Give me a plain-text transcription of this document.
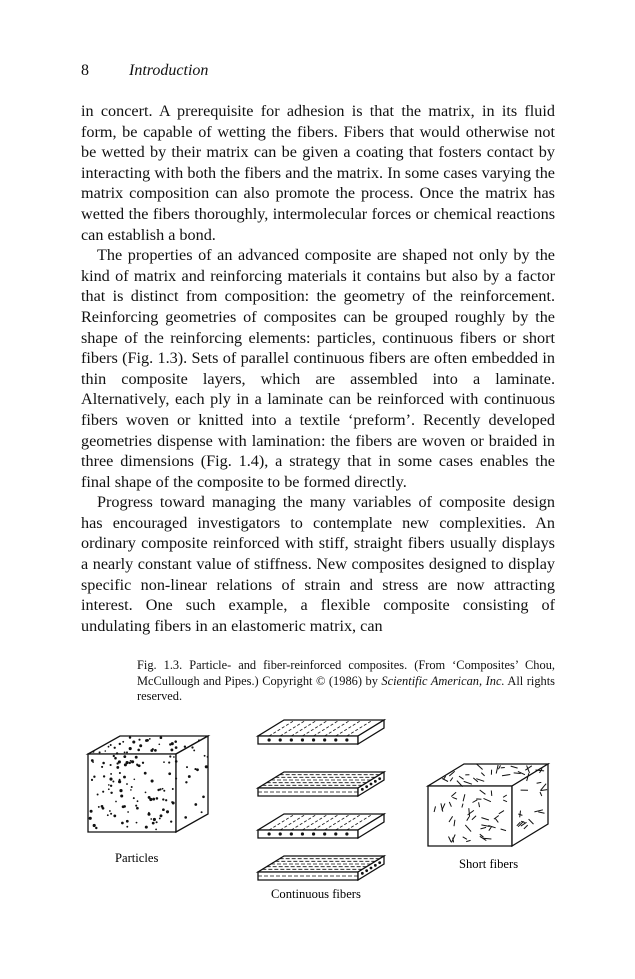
8	Introduction

in concert. A prerequisite for adhesion is that the matrix, in its fluid form, be capable of wetting the fibers. Fibers that would otherwise not be wetted by their matrix can be given a coating that fosters contact by interacting with both the fibers and the matrix. In some cases varying the matrix composition can also promote the process. Once the matrix has wetted the fibers thoroughly, intermolecular forces or chemical reactions can establish a bond.

The properties of an advanced composite are shaped not only by the kind of matrix and reinforcing materials it contains but also by a factor that is distinct from composition: the geometry of the reinforcement. Reinforcing geometries of composites can be grouped roughly by the shape of the reinforcing elements: particles, continuous fibers or short fibers (Fig. 1.3). Sets of parallel continuous fibers are often embedded in thin composite layers, which are assembled into a laminate. Alternatively, each ply in a laminate can be reinforced with continuous fibers woven or knitted into a textile ‘preform’. Recently developed geometries dispense with lamination: the fibers are woven or braided in three dimensions (Fig. 1.4), a strategy that in some cases enables the final shape of the composite to be formed directly.

Progress toward managing the many variables of composite design has encouraged investigators to contemplate new complexities. An ordinary composite reinforced with stiff, straight fibers usually displays a nearly constant value of stiffness. New composites designed to display specific non-linear relations of strain and stress are now attracting interest. One such example, a flexible composite consisting of undulating fibers in an elastomeric matrix, can

Fig. 1.3. Particle- and fiber-reinforced composites. (From ‘Composites’ Chou, McCullough and Pipes.) Copyright © (1986) by Scientific American, Inc. All rights reserved.
Particles
Continuous fibers
Short fibers
